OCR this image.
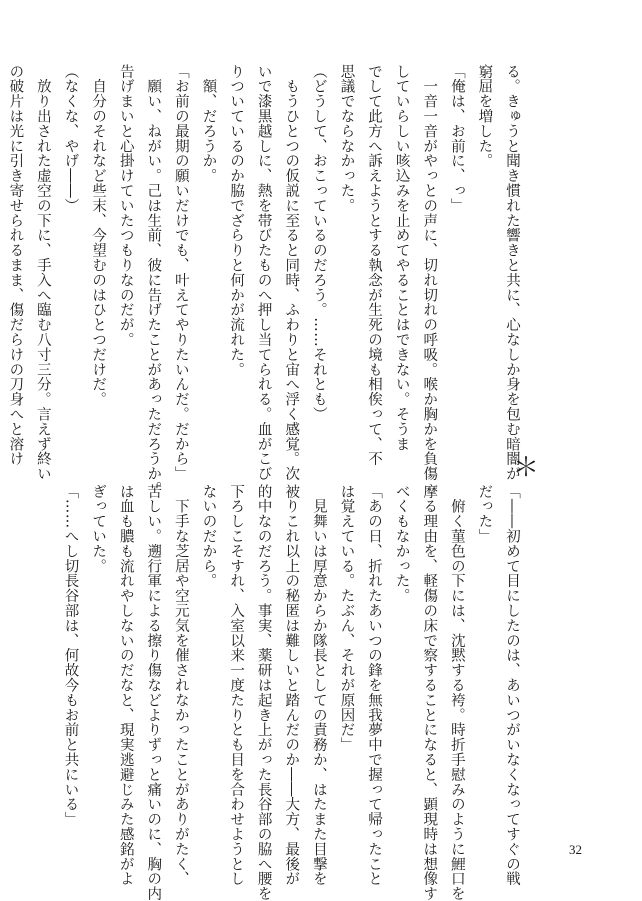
る。きゅうと聞き慣れた響きと共に、心なしか身を包む暗闇が
窮屈を増した。
「俺は、お前に、っ」
　一音一音がやっとの声に、切れ切れの呼吸。喉か胸かを負傷
していらしい咳込みを止めてやることはできない。そうま
でして此方へ訴えようとする執念が生死の境も相俟って、不
思議でならなかった。
（どうして、おこっているのだろう。……それとも）
　もうひとつの仮説に至ると同時、ふわりと宙へ浮く感覚。次
いで漆黒越しに、熱を帯びたものへ押し当てられる。血がこび
りついているのか脇でざらりと何かが流れた。
　額、だろうか。
「お前の最期の願いだけでも、叶えてやりたいんだ。だから」
　願い、ねがい。己は生前、彼に告げたことがあっただろうか。
告げまいと心掛けていたつもりなのだが。
　自分のそれなど些末、今望むのはひとつだけだ。
（なくな、やげ――）
　放り出された虚空の下に、手入へ臨む八寸三分。言えず終い
の破片は光に引き寄せられるまま、傷だらけの刀身へと溶け
＊
「――初めて目にしたのは、あいつがいなくなってすぐの戦
だった」
　俯く菫色の下には、沈黙する袴。時折手慰みのように鯉口を
摩る理由を、軽傷の床で察することになると、顕現時は想像す
べくもなかった。
「あの日、折れたあいつの鋒を無我夢中で握って帰ったこと
は覚えている。たぶん、それが原因だ」
　見舞いは厚意からか隊長としての責務か、はたまた目撃を
被りこれ以上の秘匿は難しいと踏んだのか――大方、最後が
的中なのだろう。事実、薬研は起き上がった長谷部の脇へ腰を
下ろしこそすれ、入室以来一度たりとも目を合わせようとし
ないのだから。
　下手な芝居や空元気を催されなかったことがありがたく、
苦しい。遡行軍による擦り傷などよりずっと痛いのに、胸の内
は血も膿も流れやしないのだなと、現実逃避じみた感銘がよ
ぎっていた。
「……へし切長谷部は、何故今もお前と共にいる」
32
